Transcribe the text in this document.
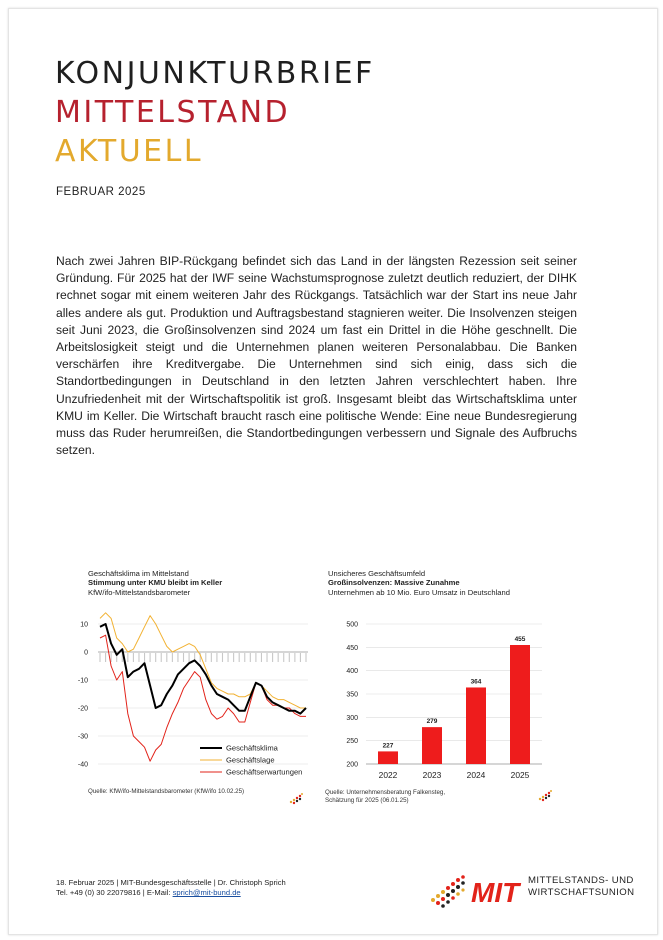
KONJUNKTURBRIEF
MITTELSTAND
AKTUELL
FEBRUAR 2025
Nach zwei Jahren BIP-Rückgang befindet sich das Land in der längsten Rezession seit seiner Gründung. Für 2025 hat der IWF seine Wachstumsprognose zuletzt deutlich reduziert, der DIHK rechnet sogar mit einem weiteren Jahr des Rückgangs. Tatsächlich war der Start ins neue Jahr alles andere als gut. Produktion und Auftragsbestand stagnieren weiter. Die Insolvenzen steigen seit Juni 2023, die Großinsolvenzen sind 2024 um fast ein Drittel in die Höhe geschnellt. Die Arbeitslosigkeit steigt und die Unternehmen planen weiteren Personalabbau. Die Banken verschärfen ihre Kreditvergabe. Die Unternehmen sind sich einig, dass sich die Standortbedingungen in Deutschland in den letzten Jahren verschlechtert haben. Ihre Unzufriedenheit mit der Wirtschaftspolitik ist groß. Insgesamt bleibt das Wirtschaftsklima unter KMU im Keller. Die Wirtschaft braucht rasch eine politische Wende: Eine neue Bundesregierung muss das Ruder herumreißen, die Standortbedingungen verbessern und Signale des Aufbruchs setzen.
Geschäftsklima im Mittelstand
Stimmung unter KMU bleibt im Keller
KfW/ifo-Mittelstandsbarometer
10
0
-10
-20
-30
-40
Geschäftsklima
Geschäftslage
Geschäftserwartungen
Quelle: KfW/ifo-Mittelstandsbarometer (KfW/ifo 10.02.25)
Unsicheres Geschäftsumfeld
Großinsolvenzen: Massive Zunahme
Unternehmen ab 10 Mio. Euro Umsatz in Deutschland
500
450
400
350
300
250
200
227
2022
279
2023
364
2024
455
2025
Quelle: Unternehmensberatung Falkensteg,
Schätzung für 2025 (06.01.25)
18. Februar 2025 | MIT-Bundesgeschäftsstelle | Dr. Christoph Sprich
Tel. +49 (0) 30 22079816 | E-Mail: sprich@mit-bund.de	MIT MITTELSTANDS- UND
WIRTSCHAFTSUNION
